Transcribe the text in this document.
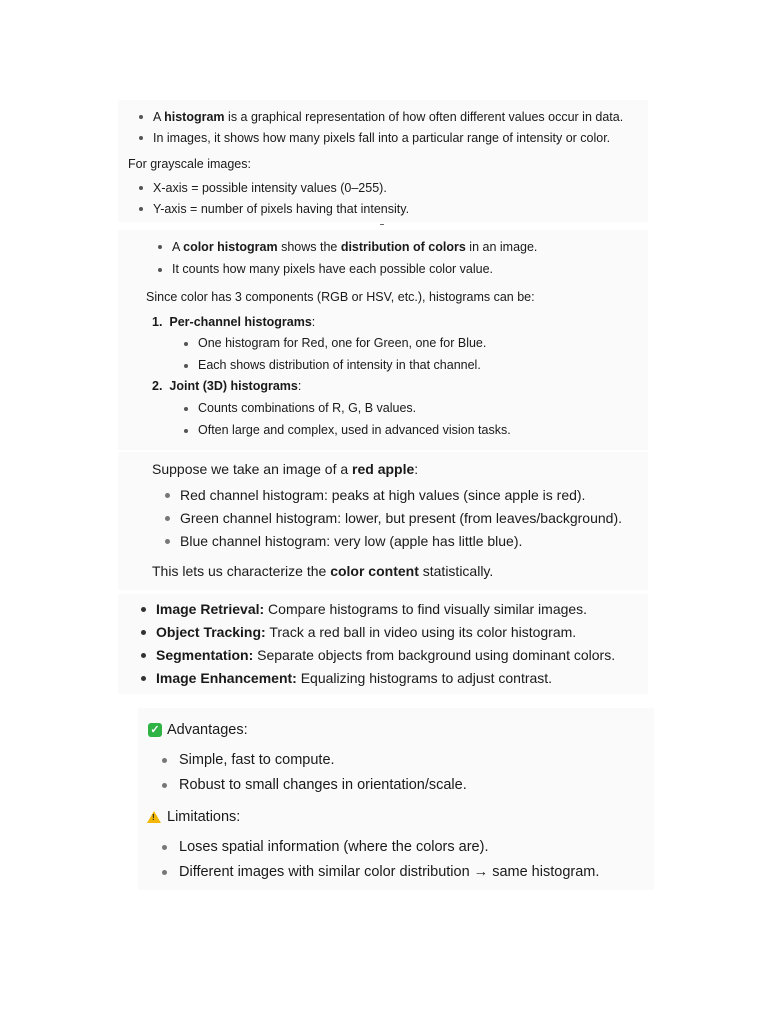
A histogram is a graphical representation of how often different values occur in data.
In images, it shows how many pixels fall into a particular range of intensity or color.
For grayscale images:
X-axis = possible intensity values (0–255).
Y-axis = number of pixels having that intensity.
A color histogram shows the distribution of colors in an image.
It counts how many pixels have each possible color value.
Since color has 3 components (RGB or HSV, etc.), histograms can be:
1. Per-channel histograms:
One histogram for Red, one for Green, one for Blue.
Each shows distribution of intensity in that channel.
2. Joint (3D) histograms:
Counts combinations of R, G, B values.
Often large and complex, used in advanced vision tasks.
Suppose we take an image of a red apple:
Red channel histogram: peaks at high values (since apple is red).
Green channel histogram: lower, but present (from leaves/background).
Blue channel histogram: very low (apple has little blue).
This lets us characterize the color content statistically.
Image Retrieval: Compare histograms to find visually similar images.
Object Tracking: Track a red ball in video using its color histogram.
Segmentation: Separate objects from background using dominant colors.
Image Enhancement: Equalizing histograms to adjust contrast.
✓ Advantages:
Simple, fast to compute.
Robust to small changes in orientation/scale.
! Limitations:
Loses spatial information (where the colors are).
Different images with similar color distribution → same histogram.
